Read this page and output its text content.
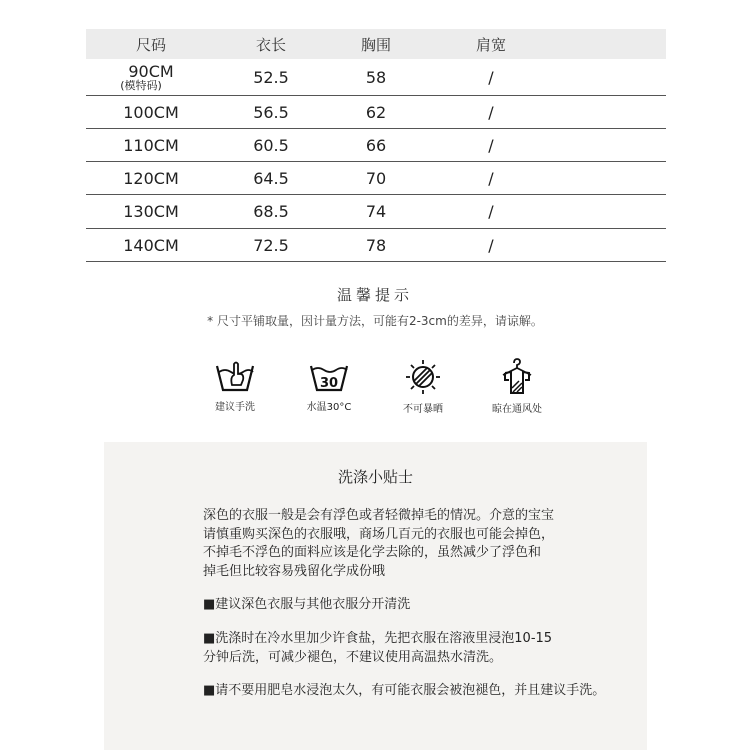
尺码	衣长	胸围	肩宽
90CM
(模特码)	52.5	58	/
100CM	56.5	62	/
110CM	60.5	66	/
120CM	64.5	70	/
130CM	68.5	74	/
140CM	72.5	78	/
温馨提示
* 尺寸平铺取量，因计量方法，可能有2-3cm的差异，请谅解。
建议手洗
30
水温30°C	不可暴晒	晾在通风处
洗涤小贴士
深色的衣服一般是会有浮色或者轻微掉毛的情况。介意的宝宝
请慎重购买深色的衣服哦，商场几百元的衣服也可能会掉色，
不掉毛不浮色的面料应该是化学去除的，虽然减少了浮色和
掉毛但比较容易残留化学成份哦
■建议深色衣服与其他衣服分开清洗
■洗涤时在冷水里加少许食盐，先把衣服在溶液里浸泡10-15
分钟后洗，可减少褪色，不建议使用高温热水清洗。
■请不要用肥皂水浸泡太久，有可能衣服会被泡褪色，并且建议手洗。
